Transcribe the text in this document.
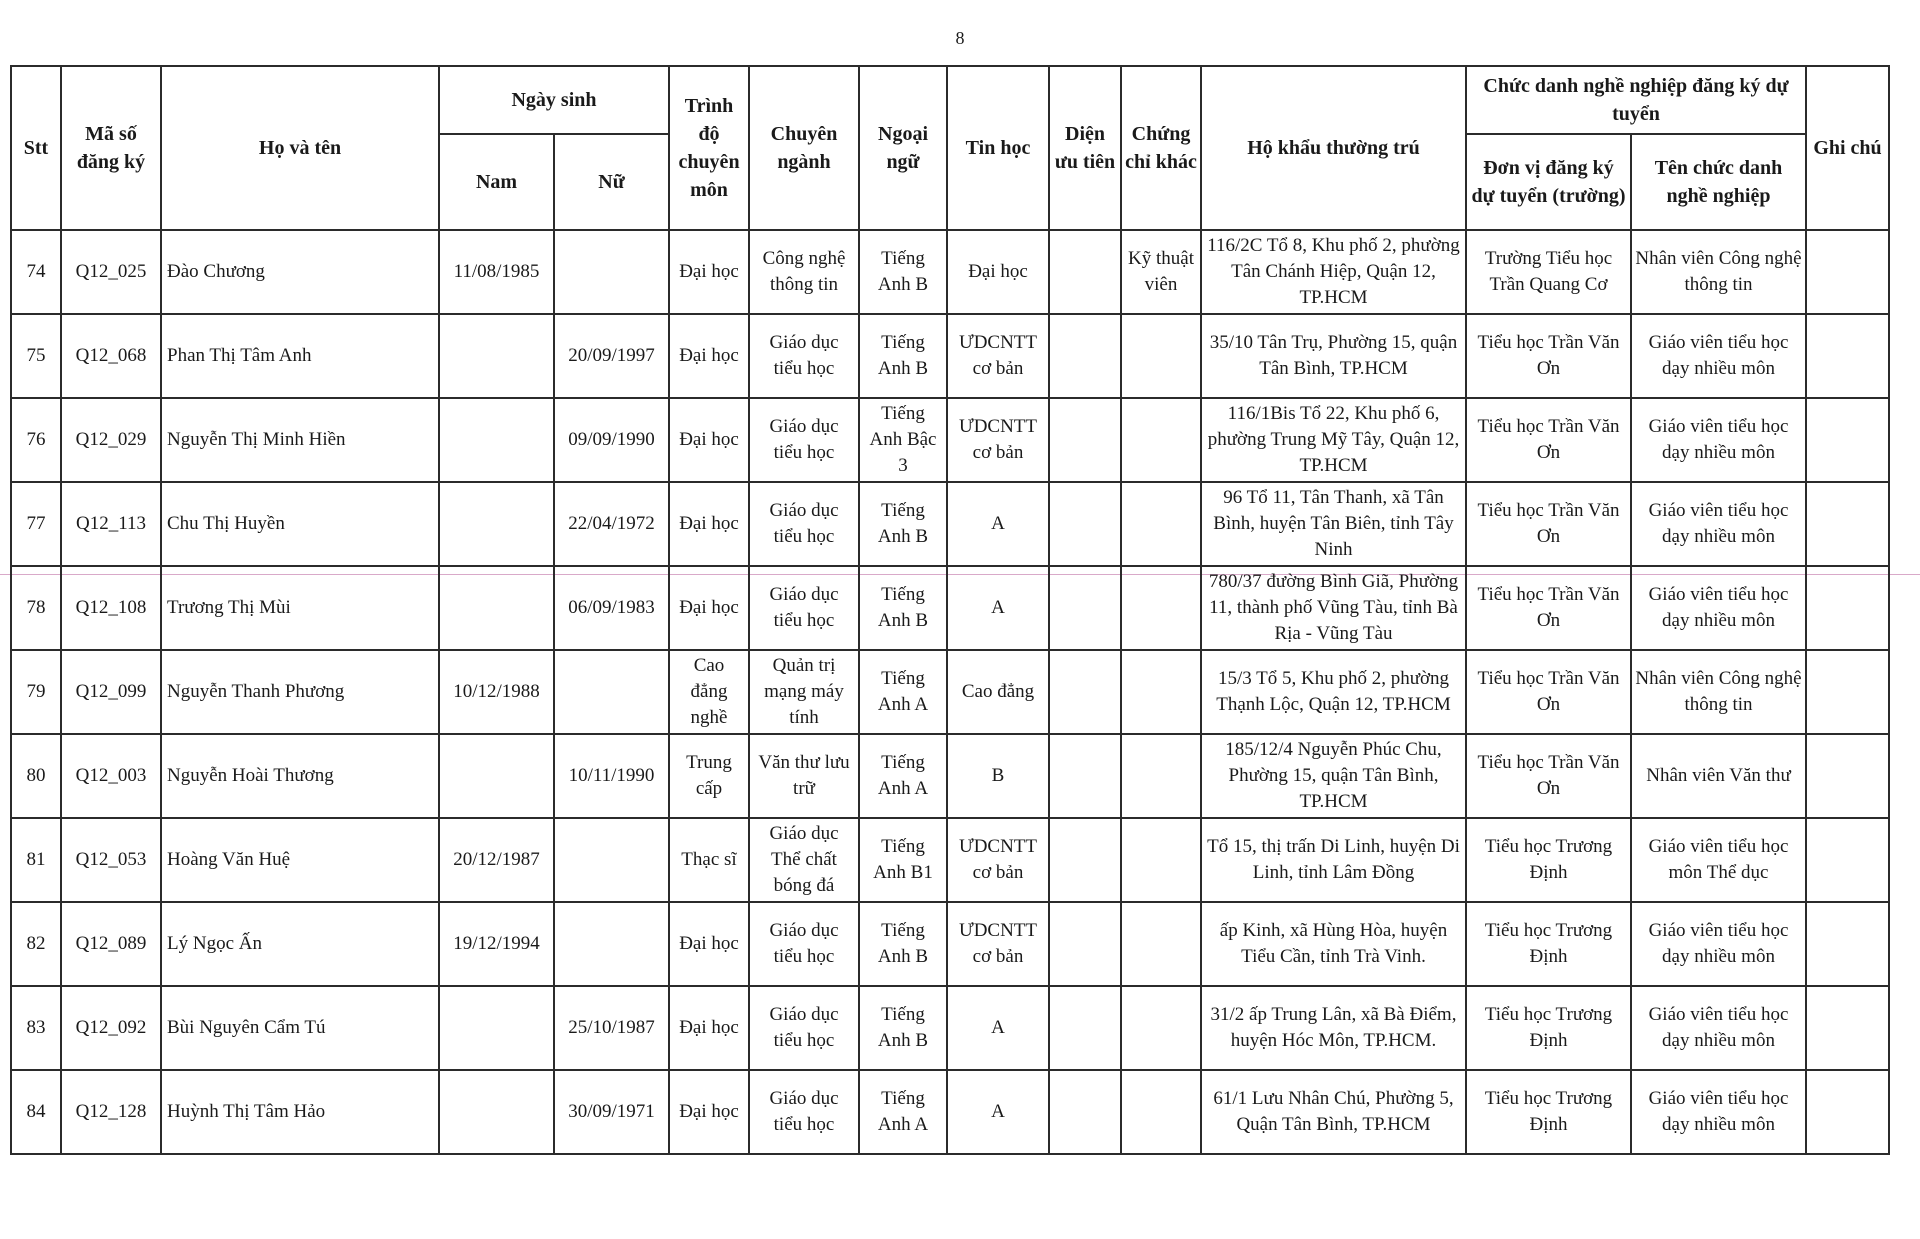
8
Stt	Mã số đăng ký	Họ và tên	Ngày sinh		Trình độ chuyên môn	Chuyên ngành	Ngoại ngữ	Tin học	Diện ưu tiên	Chứng chỉ khác	Hộ khẩu thường trú	Chức danh nghề nghiệp đăng ký dự tuyển		Ghi chú
			Nam	Nữ								Đơn vị đăng ký dự tuyển (trường)	Tên chức danh nghề nghiệp	
74	Q12_025	Đào Chương	11/08/1985		Đại học	Công nghệ thông tin	Tiếng Anh B	Đại học		Kỹ thuật viên	116/2C Tổ 8, Khu phố 2, phường Tân Chánh Hiệp, Quận 12, TP.HCM	Trường Tiểu học Trần Quang Cơ	Nhân viên Công nghệ thông tin	
75	Q12_068	Phan Thị Tâm Anh		20/09/1997	Đại học	Giáo dục tiểu học	Tiếng Anh B	ƯDCNTT cơ bản			35/10 Tân Trụ, Phường 15, quận Tân Bình, TP.HCM	Tiểu học Trần Văn Ơn	Giáo viên tiểu học dạy nhiều môn	
76	Q12_029	Nguyễn Thị Minh Hiền		09/09/1990	Đại học	Giáo dục tiểu học	Tiếng Anh Bậc 3	ƯDCNTT cơ bản			116/1Bis Tổ 22, Khu phố 6, phường Trung Mỹ Tây, Quận 12, TP.HCM	Tiểu học Trần Văn Ơn	Giáo viên tiểu học dạy nhiều môn	
77	Q12_113	Chu Thị Huyền		22/04/1972	Đại học	Giáo dục tiểu học	Tiếng Anh B	A			96 Tổ 11, Tân Thanh, xã Tân Bình, huyện Tân Biên, tỉnh Tây Ninh	Tiểu học Trần Văn Ơn	Giáo viên tiểu học dạy nhiều môn	
78	Q12_108	Trương Thị Mùi		06/09/1983	Đại học	Giáo dục tiểu học	Tiếng Anh B	A			780/37 đường Bình Giã, Phường 11, thành phố Vũng Tàu, tỉnh Bà Rịa - Vũng Tàu	Tiểu học Trần Văn Ơn	Giáo viên tiểu học dạy nhiều môn	
79	Q12_099	Nguyễn Thanh Phương	10/12/1988		Cao đẳng nghề	Quản trị mạng máy tính	Tiếng Anh A	Cao đẳng			15/3 Tổ 5, Khu phố 2, phường Thạnh Lộc, Quận 12, TP.HCM	Tiểu học Trần Văn Ơn	Nhân viên Công nghệ thông tin	
80	Q12_003	Nguyễn Hoài Thương		10/11/1990	Trung cấp	Văn thư lưu trữ	Tiếng Anh A	B			185/12/4 Nguyễn Phúc Chu, Phường 15, quận Tân Bình, TP.HCM	Tiểu học Trần Văn Ơn	Nhân viên Văn thư	
81	Q12_053	Hoàng Văn Huệ	20/12/1987		Thạc sĩ	Giáo dục Thể chất bóng đá	Tiếng Anh B1	ƯDCNTT cơ bản			Tổ 15, thị trấn Di Linh, huyện Di Linh, tỉnh Lâm Đồng	Tiểu học Trương Định	Giáo viên tiểu học môn Thể dục	
82	Q12_089	Lý Ngọc Ấn	19/12/1994		Đại học	Giáo dục tiểu học	Tiếng Anh B	ƯDCNTT cơ bản			ấp Kinh, xã Hùng Hòa, huyện Tiểu Cần, tỉnh Trà Vinh.	Tiểu học Trương Định	Giáo viên tiểu học dạy nhiều môn	
83	Q12_092	Bùi Nguyên Cẩm Tú		25/10/1987	Đại học	Giáo dục tiểu học	Tiếng Anh B	A			31/2 ấp Trung Lân, xã Bà Điểm, huyện Hóc Môn, TP.HCM.	Tiểu học Trương Định	Giáo viên tiểu học dạy nhiều môn	
84	Q12_128	Huỳnh Thị Tâm Hảo		30/09/1971	Đại học	Giáo dục tiểu học	Tiếng Anh A	A			61/1 Lưu Nhân Chú, Phường 5, Quận Tân Bình, TP.HCM	Tiểu học Trương Định	Giáo viên tiểu học dạy nhiều môn	
